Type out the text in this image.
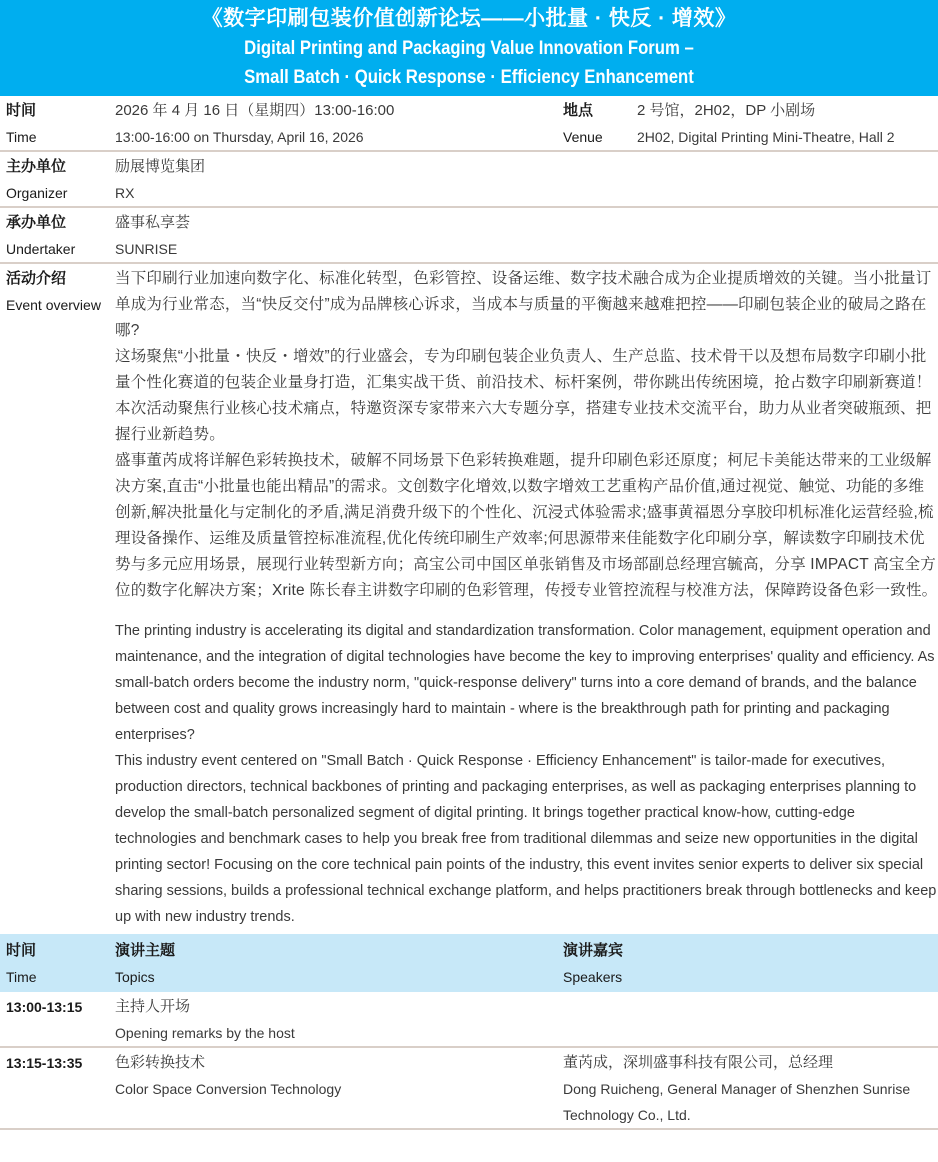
《数字印刷包装价值创新论坛——小批量 · 快反 · 增效》
Digital Printing and Packaging Value Innovation Forum –
Small Batch · Quick Response · Efficiency Enhancement
时间
Time
2026 年 4 月 16 日（星期四）13:00-16:00
13:00-16:00 on Thursday, April 16, 2026
地点
Venue
2 号馆，2H02，DP 小剧场
2H02, Digital Printing Mini-Theatre, Hall 2
主办单位
Organizer
励展博览集团
RX
承办单位
Undertaker
盛事私享荟
SUNRISE
活动介绍
Event overview
当下印刷行业加速向数字化、标准化转型，色彩管控、设备运维、数字技术融合成为企业提质增效的关键。当小批量订单成为行业常态，当“快反交付”成为品牌核心诉求，当成本与质量的平衡越来越难把控——印刷包装企业的破局之路在哪?
这场聚焦“小批量・快反・增效”的行业盛会，专为印刷包装企业负责人、生产总监、技术骨干以及想布局数字印刷小批量个性化赛道的包装企业量身打造，汇集实战干货、前沿技术、标杆案例，带你跳出传统困境，抢占数字印刷新赛道！本次活动聚焦行业核心技术痛点，特邀资深专家带来六大专题分享，搭建专业技术交流平台，助力从业者突破瓶颈、把握行业新趋势。
盛事董芮成将详解色彩转换技术，破解不同场景下色彩转换难题，提升印刷色彩还原度；柯尼卡美能达带来的工业级解决方案,直击“小批量也能出精品”的需求。文创数字化增效,以数字增效工艺重构产品价值,通过视觉、触觉、功能的多维创新,解决批量化与定制化的矛盾,满足消费升级下的个性化、沉浸式体验需求;盛事黄福恩分享胶印机标准化运营经验,梳理设备操作、运维及质量管控标准流程,优化传统印刷生产效率;何思源带来佳能数字化印刷分享，解读数字印刷技术优势与多元应用场景，展现行业转型新方向；高宝公司中国区单张销售及市场部副总经理宫毓高，分享 IMPACT 高宝全方位的数字化解决方案；Xrite 陈长春主讲数字印刷的色彩管理，传授专业管控流程与校准方法，保障跨设备色彩一致性。
The printing industry is accelerating its digital and standardization transformation. Color management, equipment operation and maintenance, and the integration of digital technologies have become the key to improving enterprises' quality and efficiency. As small-batch orders become the industry norm, "quick-response delivery" turns into a core demand of brands, and the balance between cost and quality grows increasingly hard to maintain - where is the breakthrough path for printing and packaging enterprises?
This industry event centered on "Small Batch · Quick Response · Efficiency Enhancement" is tailor-made for executives, production directors, technical backbones of printing and packaging enterprises, as well as packaging enterprises planning to develop the small-batch personalized segment of digital printing. It brings together practical know-how, cutting-edge technologies and benchmark cases to help you break free from traditional dilemmas and seize new opportunities in the digital printing sector! Focusing on the core technical pain points of the industry, this event invites senior experts to deliver six special sharing sessions, builds a professional technical exchange platform, and helps practitioners break through bottlenecks and keep up with new industry trends.
时间
Time
演讲主题
Topics
演讲嘉宾
Speakers
13:00-13:15	主持人开场
Opening remarks by the host
13:15-13:35	色彩转换技术
Color Space Conversion Technology
董芮成，深圳盛事科技有限公司，总经理
Dong Ruicheng, General Manager of Shenzhen Sunrise Technology Co., Ltd.
